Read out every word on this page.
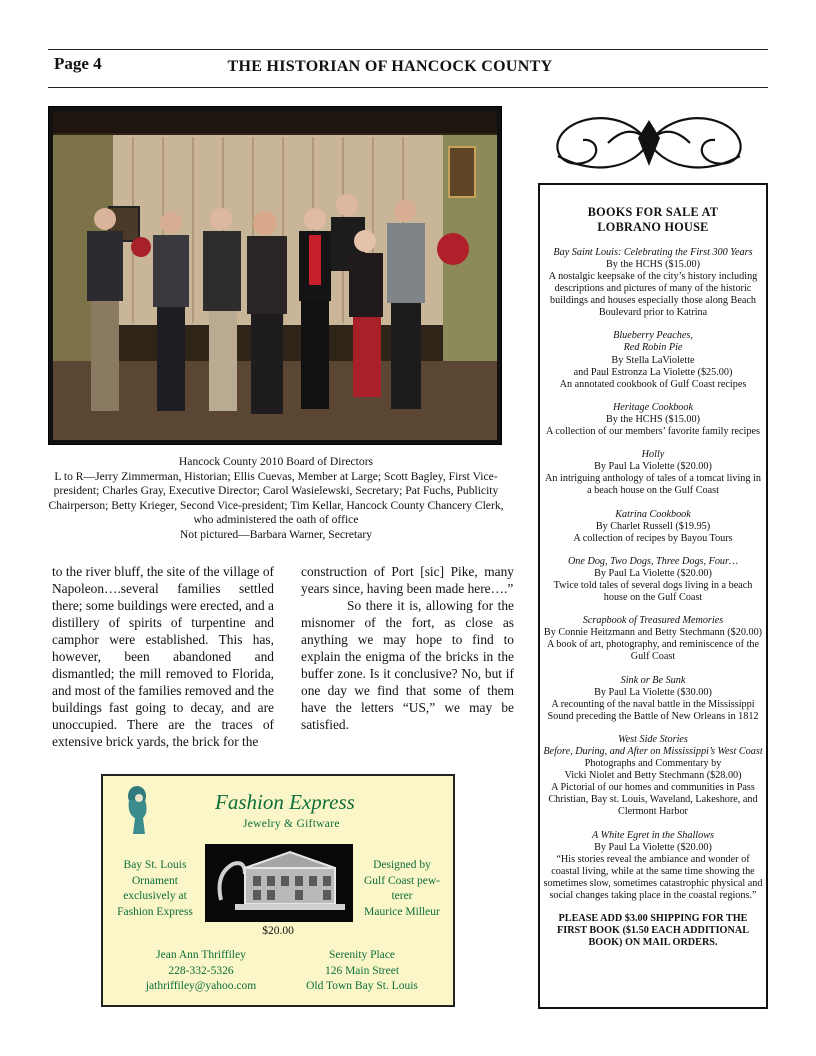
Page 4	THE HISTORIAN OF HANCOCK COUNTY
Hancock County 2010 Board of Directors
L to R—Jerry Zimmerman, Historian; Ellis Cuevas, Member at Large; Scott Bagley, First Vice-president; Charles Gray, Executive Director; Carol Wasielewski, Secretary; Pat Fuchs, Publicity Chairperson; Betty Krieger, Second Vice-president; Tim Kellar, Hancock County Chancery Clerk, who administered the oath of office
Not pictured—Barbara Warner, Secretary
to the river bluff, the site of the village of Napoleon….several families settled there; some buildings were erected, and a distillery of spirits of turpentine and camphor were established. This has, however, been abandoned and dismantled; the mill removed to Florida, and most of the families removed and the buildings fast going to decay, and are unoccupied. There are the traces of extensive brick yards, the brick for the

construction of Port [sic] Pike, many years since, having been made here….”

So there it is, allowing for the misnomer of the fort, as close as anything we may hope to find to explain the enigma of the bricks in the buffer zone. Is it conclusive? No, but if one day we find that some of them have the letters “US,” we may be satisfied.

Fashion Express
Jewelry & Giftware
Bay St. Louis
Ornament
exclusively at
Fashion Express
Designed by
Gulf Coast pew-
terer
Maurice Milleur
$20.00
Jean Ann Thriffiley
228-332-5326
jathriffiley@yahoo.com
Serenity Place
126 Main Street
Old Town Bay St. Louis
BOOKS FOR SALE AT
LOBRANO HOUSE
Bay Saint Louis: Celebrating the First 300 Years
By the HCHS ($15.00)
A nostalgic keepsake of the city’s history including descriptions and pictures of many of the historic buildings and houses especially those along Beach Boulevard prior to Katrina
Blueberry Peaches,
Red Robin Pie
By Stella LaViolette
and Paul Estronza La Violette ($25.00)
An annotated cookbook of Gulf Coast recipes
Heritage Cookbook
By the HCHS ($15.00)
A collection of our members’ favorite family recipes
Holly
By Paul La Violette ($20.00)
An intriguing anthology of tales of a tomcat living in a beach house on the Gulf Coast
Katrina Cookbook
By Charlet Russell ($19.95)
A collection of recipes by Bayou Tours
One Dog, Two Dogs, Three Dogs, Four…
By Paul La Violette ($20.00)
Twice told tales of several dogs living in a beach house on the Gulf Coast
Scrapbook of Treasured Memories
By Connie Heitzmann and Betty Stechmann ($20.00)
A book of art, photography, and reminiscence of the Gulf Coast
Sink or Be Sunk
By Paul La Violette ($30.00)
A recounting of the naval battle in the Mississippi Sound preceding the Battle of New Orleans in 1812
West Side Stories
Before, During, and After on Mississippi’s West Coast
Photographs and Commentary by
Vicki Niolet and Betty Stechmann ($28.00)
A Pictorial of our homes and communities in Pass Christian, Bay st. Louis, Waveland, Lakeshore, and Clermont Harbor
A White Egret in the Shallows
By Paul La Violette ($20.00)
“His stories reveal the ambiance and wonder of coastal living, while at the same time showing the sometimes slow, sometimes catastrophic physical and social changes taking place in the coastal regions.”
PLEASE ADD $3.00 SHIPPING FOR THE FIRST BOOK ($1.50 EACH ADDITIONAL BOOK) ON MAIL ORDERS.
